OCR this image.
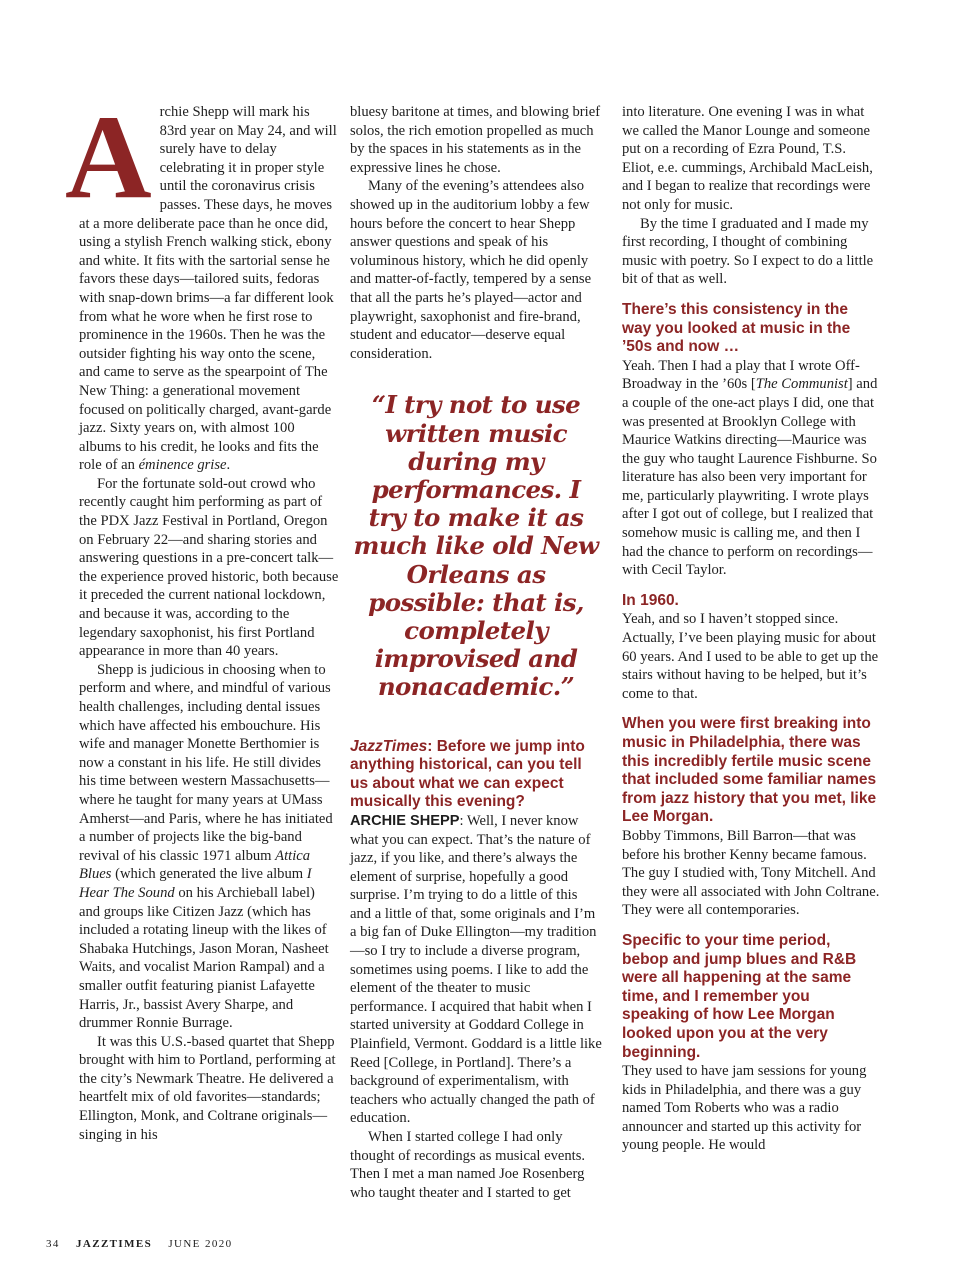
Archie Shepp will mark his 83rd year on May 24, and will surely have to delay celebrating it in proper style until the coronavirus crisis passes. These days, he moves at a more deliberate pace than he once did, using a stylish French walking stick, ebony and white. It fits with the sartorial sense he favors these days—tailored suits, fedoras with snap-down brims—a far different look from what he wore when he first rose to prominence in the 1960s. Then he was the outsider fighting his way onto the scene, and came to serve as the spearpoint of The New Thing: a generational movement focused on politically charged, avant-garde jazz. Sixty years on, with almost 100 albums to his credit, he looks and fits the role of an éminence grise.

For the fortunate sold-out crowd who recently caught him performing as part of the PDX Jazz Festival in Portland, Oregon on February 22—and sharing stories and answering questions in a pre-concert talk—the experience proved historic, both because it preceded the current national lockdown, and because it was, according to the legendary saxophonist, his first Portland appearance in more than 40 years.

Shepp is judicious in choosing when to perform and where, and mindful of various health challenges, including dental issues which have affected his embouchure. His wife and manager Monette Berthomier is now a constant in his life. He still divides his time between western Massachusetts—where he taught for many years at UMass Amherst—and Paris, where he has initiated a number of projects like the big-band revival of his classic 1971 album Attica Blues (which generated the live album I Hear The Sound on his Archieball label) and groups like Citizen Jazz (which has included a rotating lineup with the likes of Shabaka Hutchings, Jason Moran, Nasheet Waits, and vocalist Marion Rampal) and a smaller outfit featuring pianist Lafayette Harris, Jr., bassist Avery Sharpe, and drummer Ronnie Burrage.

It was this U.S.-based quartet that Shepp brought with him to Portland, performing at the city’s Newmark Theatre. He delivered a heartfelt mix of old favorites—standards; Ellington, Monk, and Coltrane originals—singing in his

bluesy baritone at times, and blowing brief solos, the rich emotion propelled as much by the spaces in his statements as in the expressive lines he chose.

Many of the evening’s attendees also showed up in the auditorium lobby a few hours before the concert to hear Shepp answer questions and speak of his voluminous history, which he did openly and matter-of-factly, tempered by a sense that all the parts he’s played—actor and playwright, saxophonist and fire-brand, student and educator—deserve equal consideration.

“I try not to use written music during my performances. I try to make it as much like old New Orleans as possible: that is, completely improvised and nonacademic.”

JazzTimes: Before we jump into anything historical, can you tell us about what we can expect musically this evening?

ARCHIE SHEPP: Well, I never know what you can expect. That’s the nature of jazz, if you like, and there’s always the element of surprise, hopefully a good surprise. I’m trying to do a little of this and a little of that, some originals and I’m a big fan of Duke Ellington—my tradition—so I try to include a diverse program, sometimes using poems. I like to add the element of the theater to music performance. I acquired that habit when I started university at Goddard College in Plainfield, Vermont. Goddard is a little like Reed [College, in Portland]. There’s a background of experimentalism, with teachers who actually changed the path of education.

When I started college I had only thought of recordings as musical events. Then I met a man named Joe Rosenberg who taught theater and I started to get

into literature. One evening I was in what we called the Manor Lounge and someone put on a recording of Ezra Pound, T.S. Eliot, e.e. cummings, Archibald MacLeish, and I began to realize that recordings were not only for music.

By the time I graduated and I made my first recording, I thought of combining music with poetry. So I expect to do a little bit of that as well.

There’s this consistency in the way you looked at music in the ’50s and now …

Yeah. Then I had a play that I wrote Off-Broadway in the ’60s [The Communist] and a couple of the one-act plays I did, one that was presented at Brooklyn College with Maurice Watkins directing—Maurice was the guy who taught Laurence Fishburne. So literature has also been very important for me, particularly playwriting. I wrote plays after I got out of college, but I realized that somehow music is calling me, and then I had the chance to perform on recordings—with Cecil Taylor.

In 1960.

Yeah, and so I haven’t stopped since. Actually, I’ve been playing music for about 60 years. And I used to be able to get up the stairs without having to be helped, but it’s come to that.

When you were first breaking into music in Philadelphia, there was this incredibly fertile music scene that included some familiar names from jazz history that you met, like Lee Morgan.

Bobby Timmons, Bill Barron—that was before his brother Kenny became famous. The guy I studied with, Tony Mitchell. And they were all associated with John Coltrane. They were all contemporaries.

Specific to your time period, bebop and jump blues and R&B were all happening at the same time, and I remember you speaking of how Lee Morgan looked upon you at the very beginning.

They used to have jam sessions for young kids in Philadelphia, and there was a guy named Tom Roberts who was a radio announcer and started up this activity for young people. He would

34 JAZZTIMES JUNE 2020
